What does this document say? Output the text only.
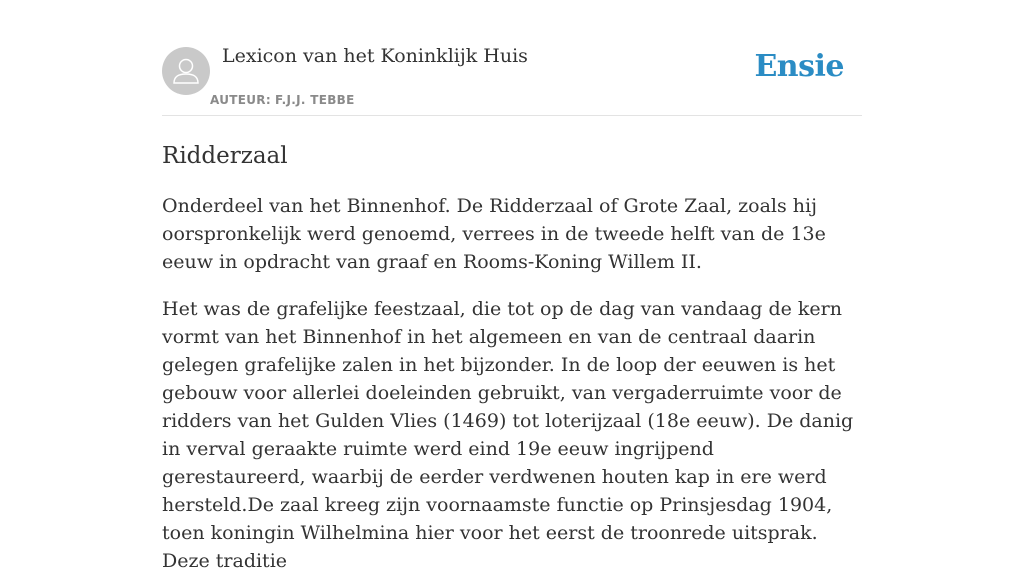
Lexicon van het Koninklijk Huis
AUTEUR: F.J.J. TEBBE
Ensie
Ridderzaal

Onderdeel van het Binnenhof. De Ridderzaal of Grote Zaal, zoals hij oorspronkelijk werd genoemd, verrees in de tweede helft van de 13e eeuw in opdracht van graaf en Rooms-Koning Willem II.

Het was de grafelijke feestzaal, die tot op de dag van vandaag de kern vormt van het Binnenhof in het algemeen en van de centraal daarin gelegen grafelijke zalen in het bijzonder. In de loop der eeuwen is het gebouw voor allerlei doeleinden gebruikt, van vergaderruimte voor de ridders van het Gulden Vlies (1469) tot loterijzaal (18e eeuw). De danig in verval geraakte ruimte werd eind 19e eeuw ingrijpend gerestaureerd, waarbij de eerder verdwenen houten kap in ere werd hersteld.De zaal kreeg zijn voornaamste functie op Prinsjesdag 1904, toen koningin Wilhelmina hier voor het eerst de troonrede uitsprak. Deze traditie
